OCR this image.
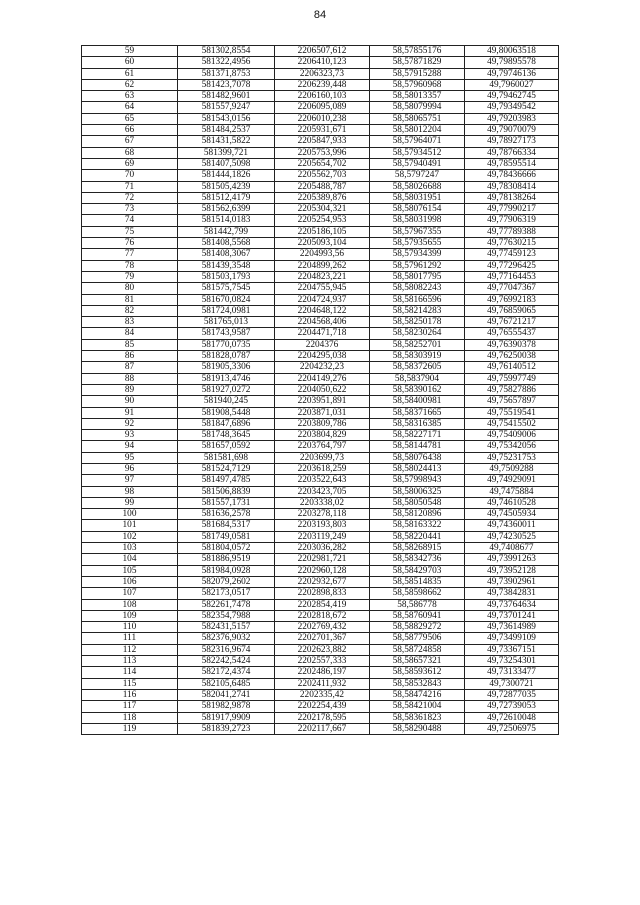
84
59	581302,8554	2206507,612	58,57855176	49,80063518
60	581322,4956	2206410,123	58,57871829	49,79895578
61	581371,8753	2206323,73	58,57915288	49,79746136
62	581423,7078	2206239,448	58,57960968	49,7960027
63	581482,9601	2206160,103	58,58013357	49,79462745
64	581557,9247	2206095,089	58,58079994	49,79349542
65	581543,0156	2206010,238	58,58065751	49,79203983
66	581484,2537	2205931,671	58,58012204	49,79070079
67	581431,5822	2205847,933	58,57964071	49,78927173
68	581399,721	2205753,996	58,57934512	49,78766334
69	581407,5098	2205654,702	58,57940491	49,78595514
70	581444,1826	2205562,703	58,5797247	49,78436666
71	581505,4239	2205488,787	58,58026688	49,78308414
72	581512,4179	2205389,876	58,58031951	49,78138264
73	581562,6399	2205304,321	58,58076154	49,77990217
74	581514,0183	2205254,953	58,58031998	49,77906319
75	581442,799	2205186,105	58,57967355	49,77789388
76	581408,5568	2205093,104	58,57935655	49,77630215
77	581408,3067	2204993,56	58,57934399	49,77459123
78	581439,3548	2204899,262	58,57961292	49,77296425
79	581503,1793	2204823,221	58,58017795	49,77164453
80	581575,7545	2204755,945	58,58082243	49,77047367
81	581670,0824	2204724,937	58,58166596	49,76992183
82	581724,0981	2204648,122	58,58214283	49,76859065
83	581765,013	2204568,406	58,58250178	49,76721217
84	581743,9587	2204471,718	58,58230264	49,76555437
85	581770,0735	2204376	58,58252701	49,76390378
86	581828,0787	2204295,038	58,58303919	49,76250038
87	581905,3306	2204232,23	58,58372605	49,76140512
88	581913,4746	2204149,276	58,5837904	49,75997749
89	581927,0272	2204050,622	58,58390162	49,75827886
90	581940,245	2203951,891	58,58400981	49,75657897
91	581908,5448	2203871,031	58,58371665	49,75519541
92	581847,6896	2203809,786	58,58316385	49,75415502
93	581748,3645	2203804,829	58,58227171	49,75409006
94	581657,0592	2203764,797	58,58144781	49,75342056
95	581581,698	2203699,73	58,58076438	49,75231753
96	581524,7129	2203618,259	58,58024413	49,7509288
97	581497,4785	2203522,643	58,57998943	49,74929091
98	581506,8839	2203423,705	58,58006325	49,7475884
99	581557,1731	2203338,02	58,58050548	49,74610528
100	581636,2578	2203278,118	58,58120896	49,74505934
101	581684,5317	2203193,803	58,58163322	49,74360011
102	581749,0581	2203119,249	58,58220441	49,74230525
103	581804,0572	2203036,282	58,58268915	49,7408677
104	581886,9519	2202981,721	58,58342736	49,73991263
105	581984,0928	2202960,128	58,58429703	49,73952128
106	582079,2602	2202932,677	58,58514835	49,73902961
107	582173,0517	2202898,833	58,58598662	49,73842831
108	582261,7478	2202854,419	58,586778	49,73764634
109	582354,7988	2202818,672	58,58760941	49,73701241
110	582431,5157	2202769,432	58,58829272	49,73614989
111	582376,9032	2202701,367	58,58779506	49,73499109
112	582316,9674	2202623,882	58,58724858	49,73367151
113	582242,5424	2202557,333	58,58657321	49,73254301
114	582172,4374	2202486,197	58,58593612	49,73133477
115	582105,6485	2202411,932	58,58532843	49,7300721
116	582041,2741	2202335,42	58,58474216	49,72877035
117	581982,9878	2202254,439	58,58421004	49,72739053
118	581917,9909	2202178,595	58,58361823	49,72610048
119	581839,2723	2202117,667	58,58290488	49,72506975
